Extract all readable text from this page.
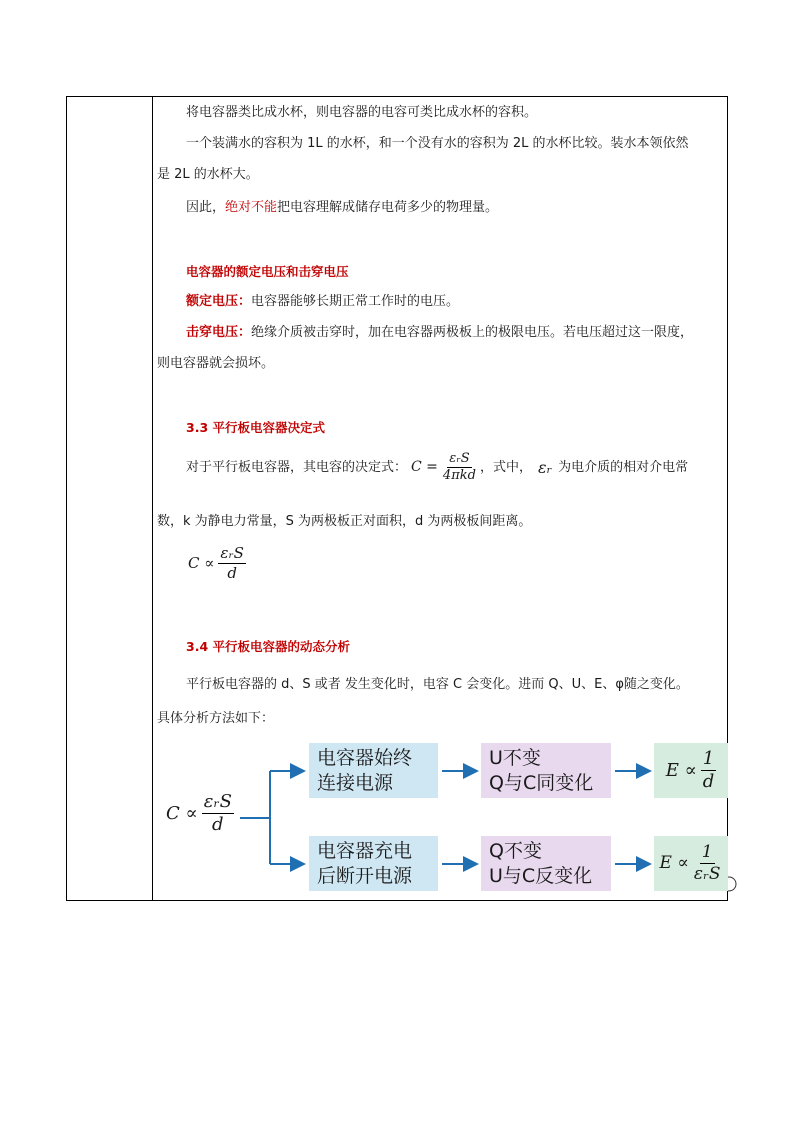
将电容器类比成水杯，则电容器的电容可类比成水杯的容积。
一个装满水的容积为 1L 的水杯，和一个没有水的容积为 2L 的水杯比较。装水本领依然
是 2L 的水杯大。
因此，绝对不能把电容理解成储存电荷多少的物理量。
电容器的额定电压和击穿电压
额定电压：电容器能够长期正常工作时的电压。
击穿电压：绝缘介质被击穿时，加在电容器两极板上的极限电压。若电压超过这一限度，
则电容器就会损坏。
3.3 平行板电容器决定式
对于平行板电容器，其电容的决定式： $C = \frac{\text{εᵣS}}{\text{4πkd}}$ ，式中， εᵣ 为电介质的相对介电常
数，k 为静电力常量，S 为两极板正对面积，d 为两极板间距离。
$C \propto \frac{\text{εᵣS}}{d}$
3.4 平行板电容器的动态分析
平行板电容器的 d、S 或者 发生变化时，电容 C 会变化。进而 Q、U、E、φ随之变化。
具体分析方法如下：
$C \propto \frac{\text{εᵣS}}{d}$
电容器始终
连接电源
U不变
Q与C同变化
$E \propto \frac{1}{d}$
电容器充电
后断开电源
Q不变
U与C反变化
$E \propto \frac{1}{\text{εᵣS}}$
